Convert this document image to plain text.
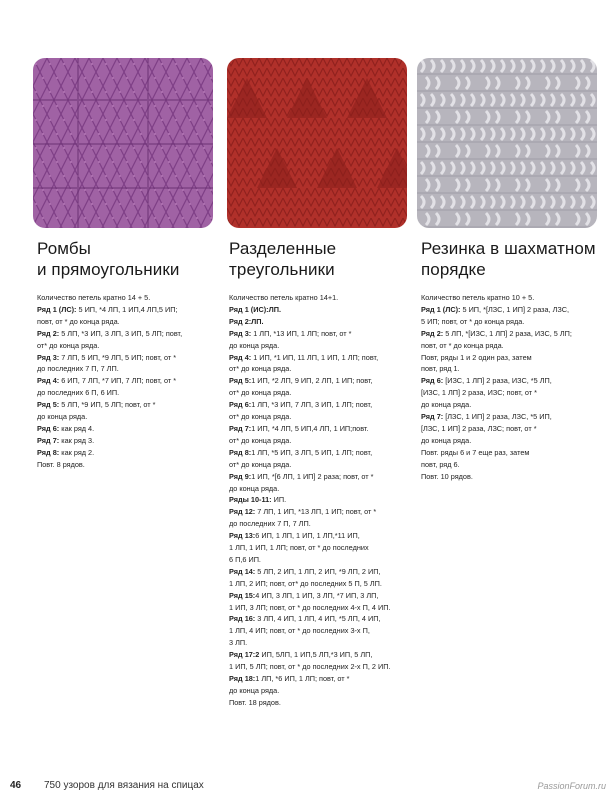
Ромбы
и прямоугольники
Количество петель кратно 14 + 5.
Ряд 1 (ЛС): 5 ИП, *4 ЛП, 1 ИП,4 ЛП,5 ИП;
повт, от * до конца ряда.
Ряд 2: 5 ЛП, *3 ИП, 3 ЛП, 3 ИП, 5 ЛП; повт,
от* до конца ряда.
Ряд 3: 7 ЛП, 5 ИП, *9 ЛП, 5 ИП; повт, от *
до последних 7 П, 7 ЛП.
Ряд 4: 6 ИП, 7 ЛП, *7 ИП, 7 ЛП; повт, от *
до последних 6 П, 6 ИП.
Ряд 5: 5 ЛП, *9 ИП, 5 ЛП; повт, от *
до конца ряда.
Ряд 6: как ряд 4.
Ряд 7: как ряд 3.
Ряд 8: как ряд 2.
Повт. 8 рядов.
Разделенные
треугольники
Количество петель кратно 14+1.
Ряд 1 (ИС):ЛП.
Ряд 2:ЛП.
Ряд 3: 1 ЛП, *13 ИП, 1 ЛП; повт, от *
до конца ряда.
Ряд 4: 1 ИП, *1 ИП, 11 ЛП, 1 ИП, 1 ЛП; повт,
от* до конца ряда.
Ряд 5:1 ИП, *2 ЛП, 9 ИП, 2 ЛП, 1 ИП; повт,
от* до конца ряда.
Ряд 6:1 ЛП, *3 ИП, 7 ЛП, 3 ИП, 1 ЛП; повт,
от* до конца ряда.
Ряд 7:1 ИП, *4 ЛП, 5 ИП,4 ЛП, 1 ИП;повт.
от* до конца ряда.
Ряд 8:1 ЛП, *5 ИП, 3 ЛП, 5 ИП, 1 ЛП; повт,
от* до конца ряда.
Ряд 9:1 ИП, *[6 ЛП, 1 ИП] 2 раза; повт, от *
до конца ряда.
Ряды 10-11: ИП.
Ряд 12: 7 ЛП, 1 ИП, *13 ЛП, 1 ИП; повт, от *
до последних 7 П, 7 ЛП.
Ряд 13:6 ИП, 1 ЛП, 1 ИП, 1 ЛП,*11 ИП,
1 ЛП, 1 ИП, 1 ЛП; повт, от * до последних
6 П,6 ИП.
Ряд 14: 5 ЛП, 2 ИП, 1 ЛП, 2 ИП, *9 ЛП, 2 ИП,
1 ЛП, 2 ИП; повт, от* до последних 5 П, 5 ЛП.
Ряд 15:4 ИП, 3 ЛП, 1 ИП, 3 ЛП, *7 ИП, 3 ЛП,
1 ИП, 3 ЛП; повт, от * до последних 4-х П, 4 ИП.
Ряд 16: 3 ЛП, 4 ИП, 1 ЛП, 4 ИП, *5 ЛП, 4 ИП,
1 ЛП, 4 ИП; повт, от * до последних 3-х П,
3 ЛП.
Ряд 17:2 ИП, 5ЛП, 1 ИП,5 ЛП,*3 ИП, 5 ЛП,
1 ИП, 5 ЛП; повт, от * до последних 2-х П, 2 ИП.
Ряд 18:1 ЛП, *6 ИП, 1 ЛП; повт, от *
до конца ряда.
Повт. 18 рядов.
Резинка в шахматном
порядке
Количество петель кратно 10 + 5.
Ряд 1 (ЛС): 5 ИП, *[ЛЗС, 1 ИП] 2 раза, ЛЗС,
5 ИП; повт, от * до конца ряда.
Ряд 2: 5 ЛП, *[ИЗС, 1 ЛП] 2 раза, ИЗС, 5 ЛП;
повт, от * до конца ряда.
Повт, ряды 1 и 2 один раз, затем
повт, ряд 1.
Ряд 6: [ИЗС, 1 ЛП] 2 раза, ИЗС, *5 ЛП,
[ИЗС, 1 ЛП] 2 раза, ИЗС; повт, от *
до конца ряда.
Ряд 7: [ЛЗС, 1 ИП] 2 раза, ЛЗС, *5 ИП,
[ЛЗС, 1 ИП] 2 раза, ЛЗС; повт, от *
до конца ряда.
Повт. ряды 6 и 7 еще раз, затем
повт, ряд 6.
Повт. 10 рядов.
46 750 узоров для вязания на спицах	PassionForum.ru
